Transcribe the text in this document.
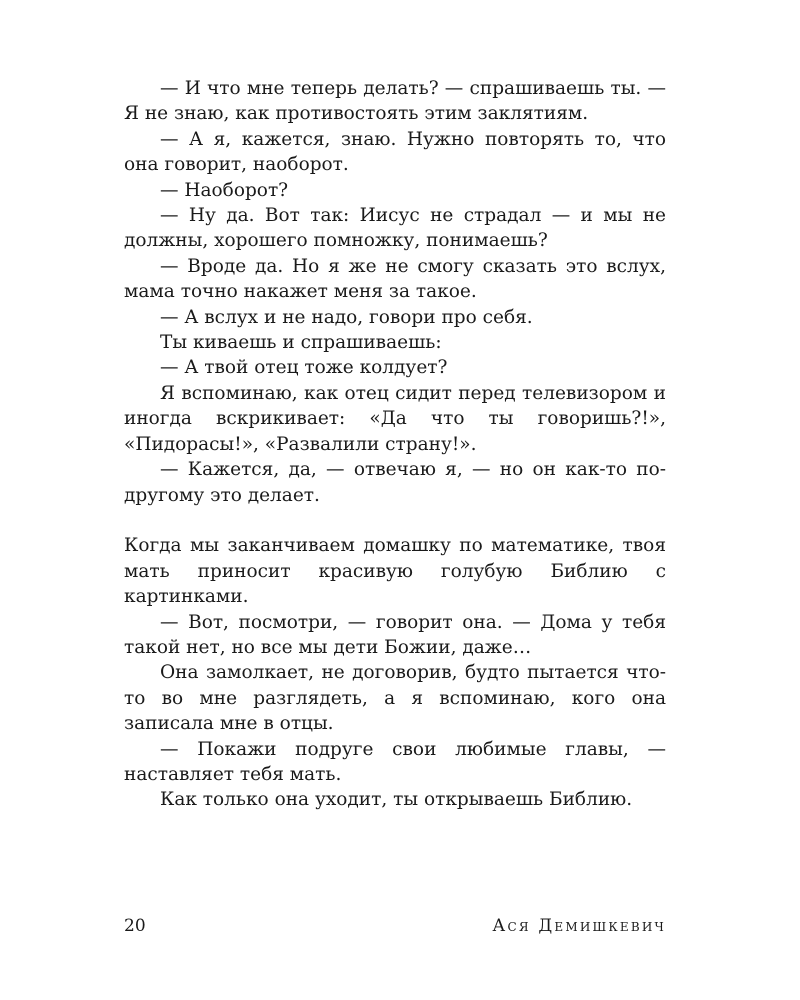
— И что мне теперь делать? — спрашиваешь ты. — Я не знаю, как противостоять этим заклятиям.

— А я, кажется, знаю. Нужно повторять то, что она говорит, наоборот.

— Наоборот?

— Ну да. Вот так: Иисус не страдал — и мы не должны, хорошего помножку, понимаешь?

— Вроде да. Но я же не смогу сказать это вслух, мама точно накажет меня за такое.

— А вслух и не надо, говори про себя.

Ты киваешь и спрашиваешь:

— А твой отец тоже колдует?

Я вспоминаю, как отец сидит перед телевизором и иногда вскрикивает: «Да что ты говоришь?!», «Пидорасы!», «Развалили страну!».

— Кажется, да, — отвечаю я, — но он как-то по-другому это делает.

Когда мы заканчиваем домашку по математике, твоя мать приносит красивую голубую Библию с картинками.

— Вот, посмотри, — говорит она. — Дома у тебя такой нет, но все мы дети Божии, даже…

Она замолкает, не договорив, будто пытается что-то во мне разглядеть, а я вспоминаю, кого она записала мне в отцы.

— Покажи подруге свои любимые главы, — наставляет тебя мать.

Как только она уходит, ты открываешь Библию.

20	Ася Демишкевич
